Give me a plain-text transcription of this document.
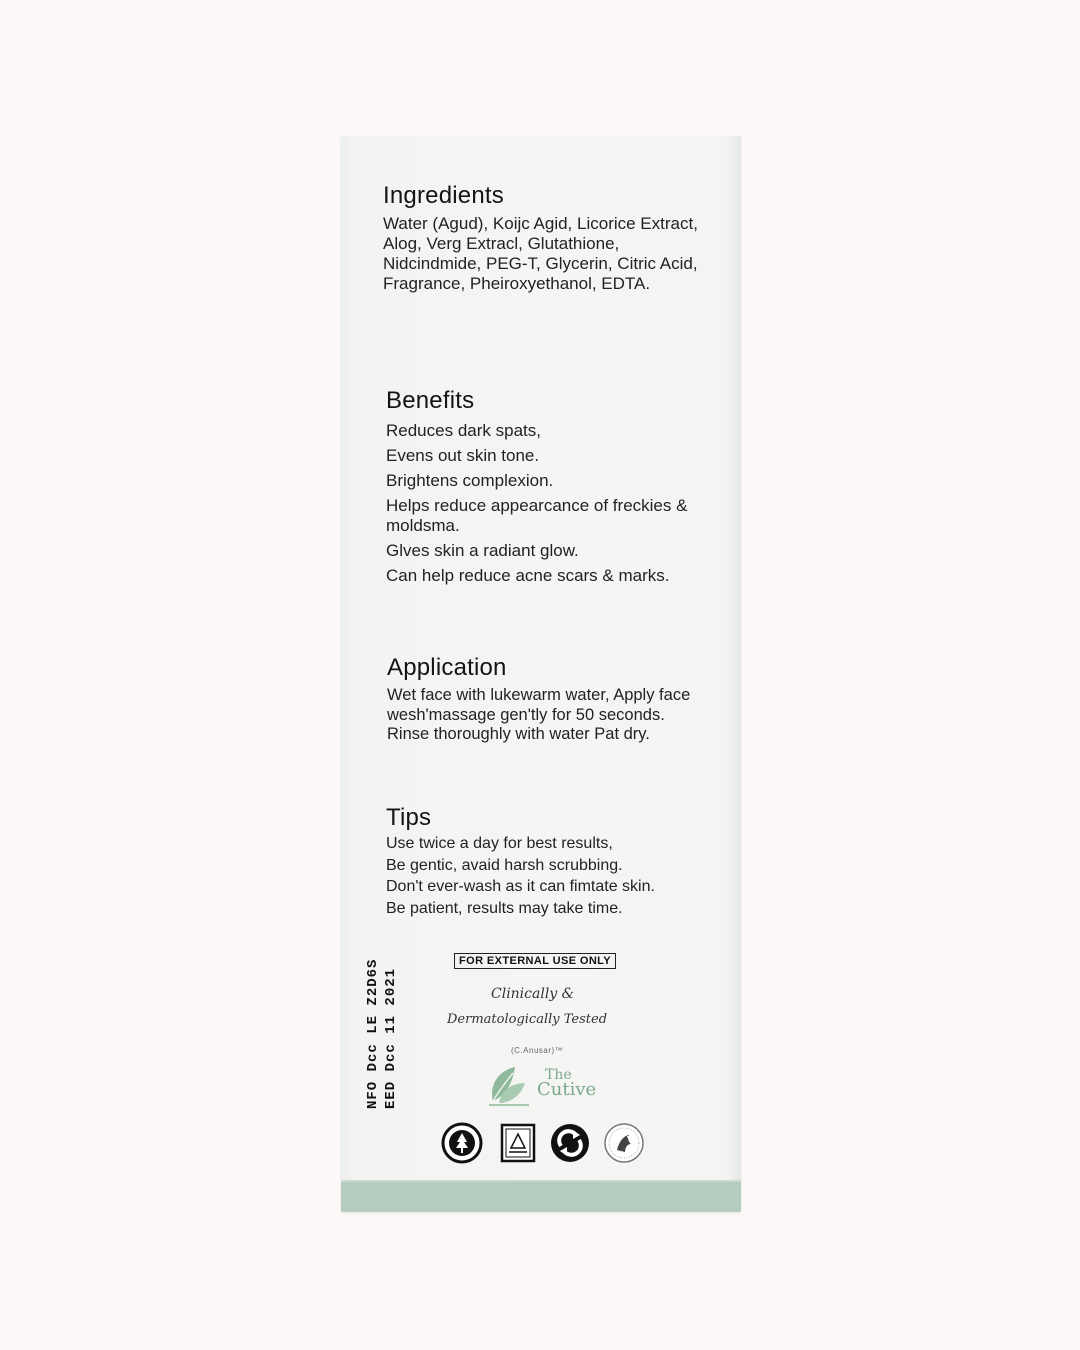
Ingredients
Water (Agud), Koijc Agid, Licorice Extract,
Alog, Verg Extracl, Glutathione,
Nidcindmide, PEG-T, Glycerin, Citric Acid,
Fragrance, Pheiroxyethanol, EDTA.
Benefits
Reduces dark spats,
Evens out skin tone.
Brightens complexion.
Helps reduce appearcance of freckies & moldsma.
Glves skin a radiant glow.
Can help reduce acne scars & marks.
Application
Wet face with lukewarm water, Apply face
wesh'massage gen'tly for 50 seconds.
Rinse thoroughly with water Pat dry.
Tips
Use twice a day for best results,
Be gentic, avaid harsh scrubbing.
Don't ever-wash as it can fimtate skin.
Be patient, results may take time.
NFO Dcc LE Z2D6S EED Dcc 11 2021
FOR EXTERNAL USE ONLY
Clinically &
Dermatologically Tested
(C.Anusar)™
The
Cutive
